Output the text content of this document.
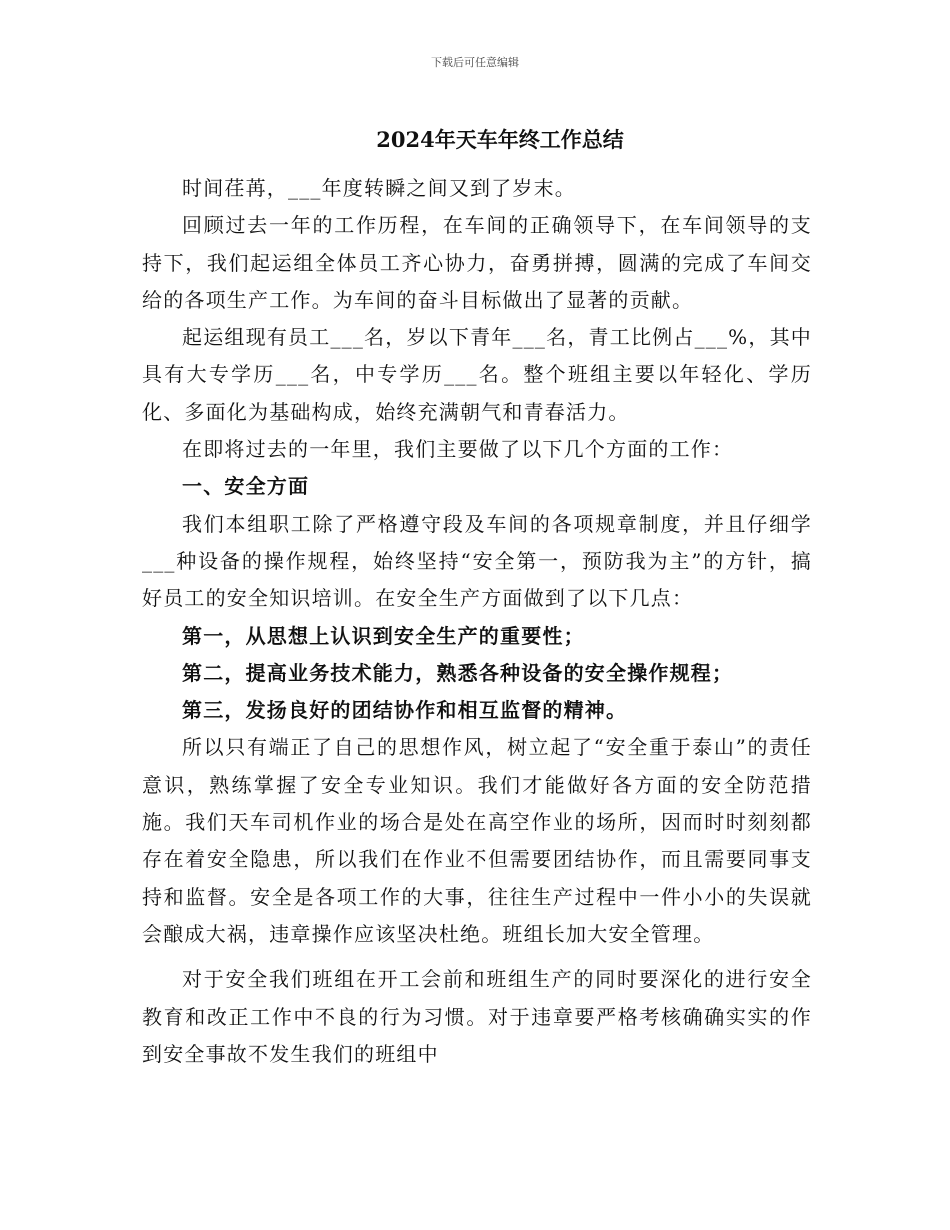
下载后可任意编辑
2024年天车年终工作总结

时间荏苒，___年度转瞬之间又到了岁末。

回顾过去一年的工作历程，在车间的正确领导下，在车间领导的支持下，我们起运组全体员工齐心协力，奋勇拼搏，圆满的完成了车间交给的各项生产工作。为车间的奋斗目标做出了显著的贡献。

起运组现有员工___名，岁以下青年___名，青工比例占___%，其中具有大专学历___名，中专学历___名。整个班组主要以年轻化、学历化、多面化为基础构成，始终充满朝气和青春活力。

在即将过去的一年里，我们主要做了以下几个方面的工作：

一、安全方面

我们本组职工除了严格遵守段及车间的各项规章制度，并且仔细学___种设备的操作规程，始终坚持“安全第一，预防我为主”的方针，搞好员工的安全知识培训。在安全生产方面做到了以下几点：

第一，从思想上认识到安全生产的重要性；

第二，提高业务技术能力，熟悉各种设备的安全操作规程；

第三，发扬良好的团结协作和相互监督的精神。

所以只有端正了自己的思想作风，树立起了“安全重于泰山”的责任意识，熟练掌握了安全专业知识。我们才能做好各方面的安全防范措施。我们天车司机作业的场合是处在高空作业的场所，因而时时刻刻都存在着安全隐患，所以我们在作业不但需要团结协作，而且需要同事支持和监督。安全是各项工作的大事，往往生产过程中一件小小的失误就会酿成大祸，违章操作应该坚决杜绝。班组长加大安全管理。

对于安全我们班组在开工会前和班组生产的同时要深化的进行安全教育和改正工作中不良的行为习惯。对于违章要严格考核确确实实的作到安全事故不发生我们的班组中
